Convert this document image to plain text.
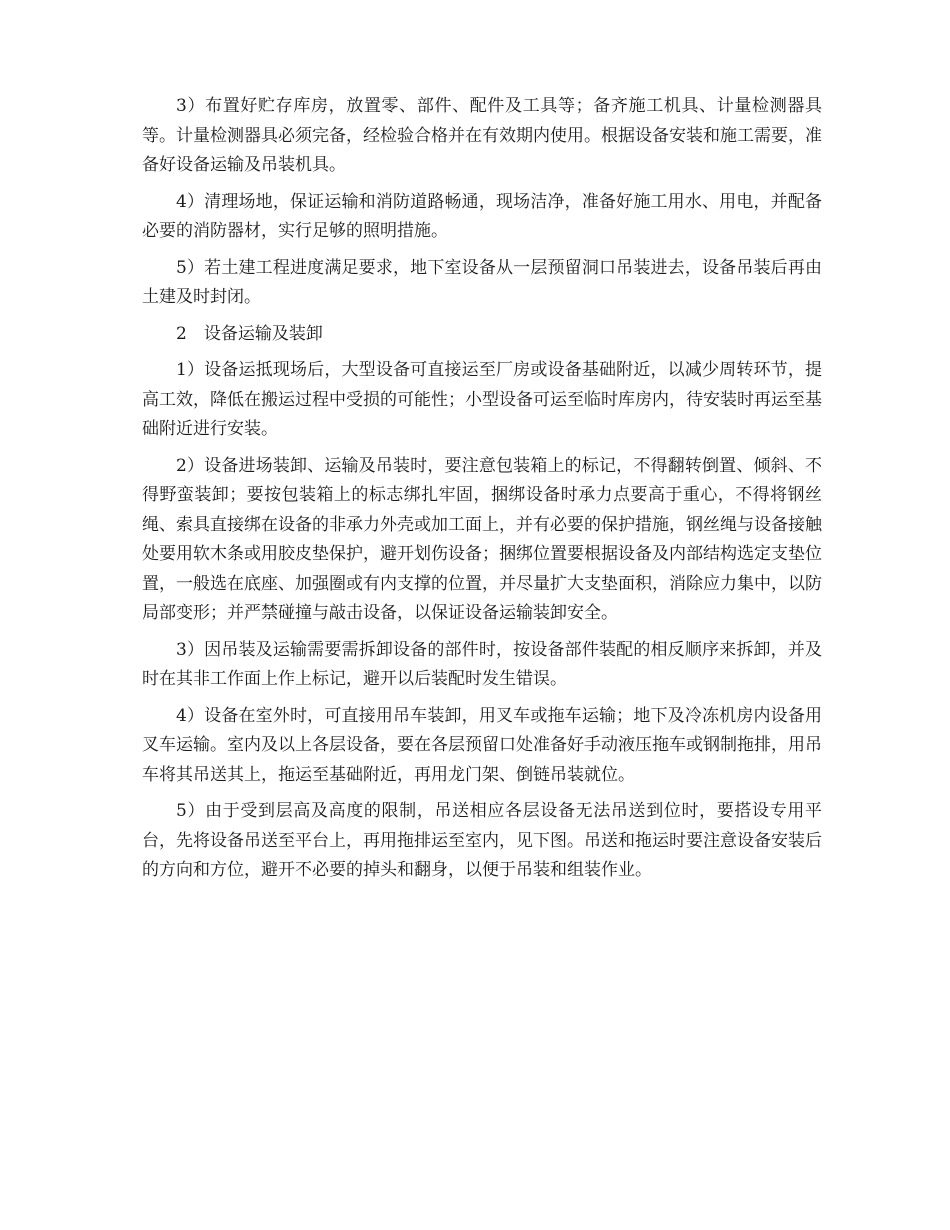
3）布置好贮存库房，放置零、部件、配件及工具等；备齐施工机具、计量检测器具等。计量检测器具必须完备，经检验合格并在有效期内使用。根据设备安装和施工需要，准备好设备运输及吊装机具。

4）清理场地，保证运输和消防道路畅通，现场洁净，准备好施工用水、用电，并配备必要的消防器材，实行足够的照明措施。

5）若土建工程进度满足要求，地下室设备从一层预留洞口吊装进去，设备吊装后再由土建及时封闭。

2　设备运输及装卸

1）设备运抵现场后，大型设备可直接运至厂房或设备基础附近，以减少周转环节，提高工效，降低在搬运过程中受损的可能性；小型设备可运至临时库房内，待安装时再运至基础附近进行安装。

2）设备进场装卸、运输及吊装时，要注意包装箱上的标记，不得翻转倒置、倾斜、不得野蛮装卸；要按包装箱上的标志绑扎牢固，捆绑设备时承力点要高于重心，不得将钢丝绳、索具直接绑在设备的非承力外壳或加工面上，并有必要的保护措施，钢丝绳与设备接触处要用软木条或用胶皮垫保护，避开划伤设备；捆绑位置要根据设备及内部结构选定支垫位置，一般选在底座、加强圈或有内支撑的位置，并尽量扩大支垫面积，消除应力集中，以防局部变形；并严禁碰撞与敲击设备，以保证设备运输装卸安全。

3）因吊装及运输需要需拆卸设备的部件时，按设备部件装配的相反顺序来拆卸，并及时在其非工作面上作上标记，避开以后装配时发生错误。

4）设备在室外时，可直接用吊车装卸，用叉车或拖车运输；地下及冷冻机房内设备用叉车运输。室内及以上各层设备，要在各层预留口处准备好手动液压拖车或钢制拖排，用吊车将其吊送其上，拖运至基础附近，再用龙门架、倒链吊装就位。

5）由于受到层高及高度的限制，吊送相应各层设备无法吊送到位时，要搭设专用平台，先将设备吊送至平台上，再用拖排运至室内，见下图。吊送和拖运时要注意设备安装后的方向和方位，避开不必要的掉头和翻身，以便于吊装和组装作业。
